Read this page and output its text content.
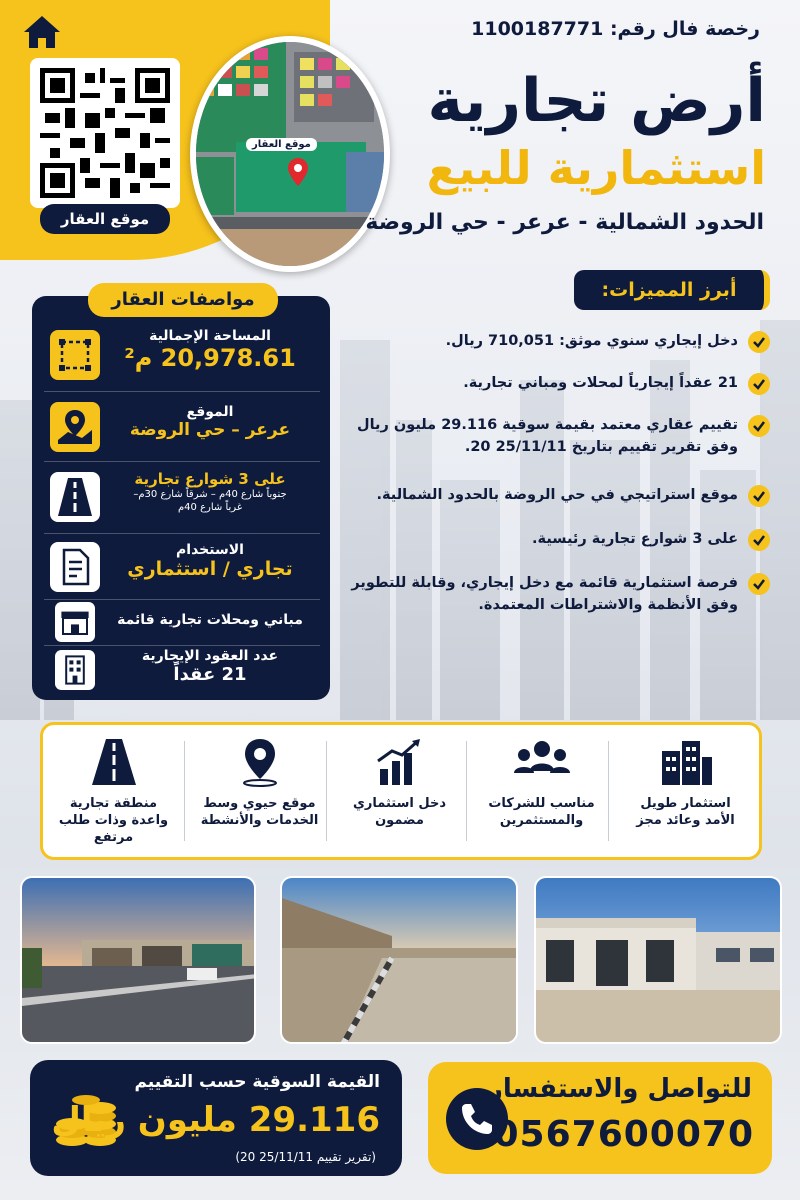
موقع العقار
موقع العقار
رخصة فال رقم: 1100187771
أرض تجارية
استثمارية للبيع
الحدود الشمالية - عرعر - حي الروضة
مواصفات العقار
المساحة الإجمالية
20,978.61 م²
الموقع
عرعر – حي الروضة
على 3 شوارع تجارية
جنوباً شارع 40م – شرقاً شارع 30م–
غرباً شارع 40م
الاستخدام
تجاري / استثماري
مباني ومحلات تجارية قائمة
عدد العقود الإيجارية
21 عقداً
أبرز المميزات:
دخل إيجاري سنوي موثق: 710,051 ريال.
21 عقداً إيجارياً لمحلات ومباني تجارية.
تقييم عقاري معتمد بقيمة سوقية 29.116 مليون ريال وفق تقرير تقييم بتاريخ 25/11/11 20.
موقع استراتيجي في حي الروضة بالحدود الشمالية.
على 3 شوارع تجارية رئيسية.
فرصة استثمارية قائمة مع دخل إيجاري، وقابلة للتطوير وفق الأنظمة والاشتراطات المعتمدة.
استثمار طويل الأمد وعائد مجز
مناسب للشركات والمستثمرين
دخل استثماري مضمون
موقع حيوي وسط الخدمات والأنشطة
منطقة تجارية واعدة وذات طلب مرتفع
القيمة السوقية حسب التقييم
29.116 مليون ريال
(تقرير تقييم 25/11/11 20)
للتواصل والاستفسار
0567600070
